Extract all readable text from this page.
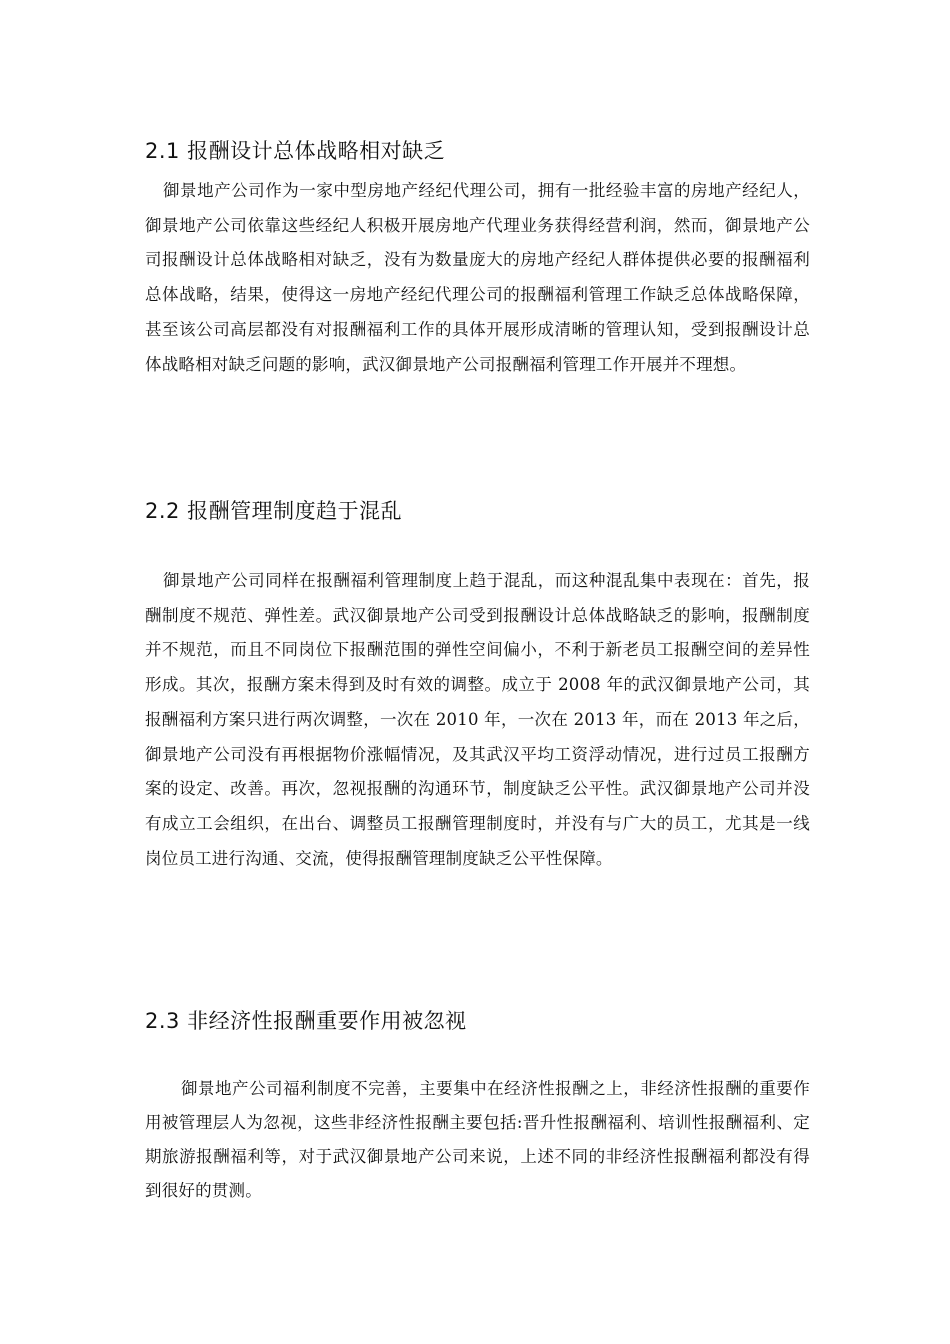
2.1 报酬设计总体战略相对缺乏
御景地产公司作为一家中型房地产经纪代理公司，拥有一批经验丰富的房地产经纪人，御景地产公司依靠这些经纪人积极开展房地产代理业务获得经营利润，然而，御景地产公司报酬设计总体战略相对缺乏，没有为数量庞大的房地产经纪人群体提供必要的报酬福利总体战略，结果，使得这一房地产经纪代理公司的报酬福利管理工作缺乏总体战略保障，甚至该公司高层都没有对报酬福利工作的具体开展形成清晰的管理认知，受到报酬设计总体战略相对缺乏问题的影响，武汉御景地产公司报酬福利管理工作开展并不理想。
2.2 报酬管理制度趋于混乱
御景地产公司同样在报酬福利管理制度上趋于混乱，而这种混乱集中表现在：首先，报酬制度不规范、弹性差。武汉御景地产公司受到报酬设计总体战略缺乏的影响，报酬制度并不规范，而且不同岗位下报酬范围的弹性空间偏小，不利于新老员工报酬空间的差异性形成。其次，报酬方案未得到及时有效的调整。成立于 2008 年的武汉御景地产公司，其报酬福利方案只进行两次调整，一次在 2010 年，一次在 2013 年，而在 2013 年之后，御景地产公司没有再根据物价涨幅情况，及其武汉平均工资浮动情况，进行过员工报酬方案的设定、改善。再次，忽视报酬的沟通环节，制度缺乏公平性。武汉御景地产公司并没有成立工会组织，在出台、调整员工报酬管理制度时，并没有与广大的员工，尤其是一线岗位员工进行沟通、交流，使得报酬管理制度缺乏公平性保障。
2.3 非经济性报酬重要作用被忽视
御景地产公司福利制度不完善，主要集中在经济性报酬之上，非经济性报酬的重要作用被管理层人为忽视，这些非经济性报酬主要包括:晋升性报酬福利、培训性报酬福利、定期旅游报酬福利等，对于武汉御景地产公司来说，上述不同的非经济性报酬福利都没有得到很好的贯测。
